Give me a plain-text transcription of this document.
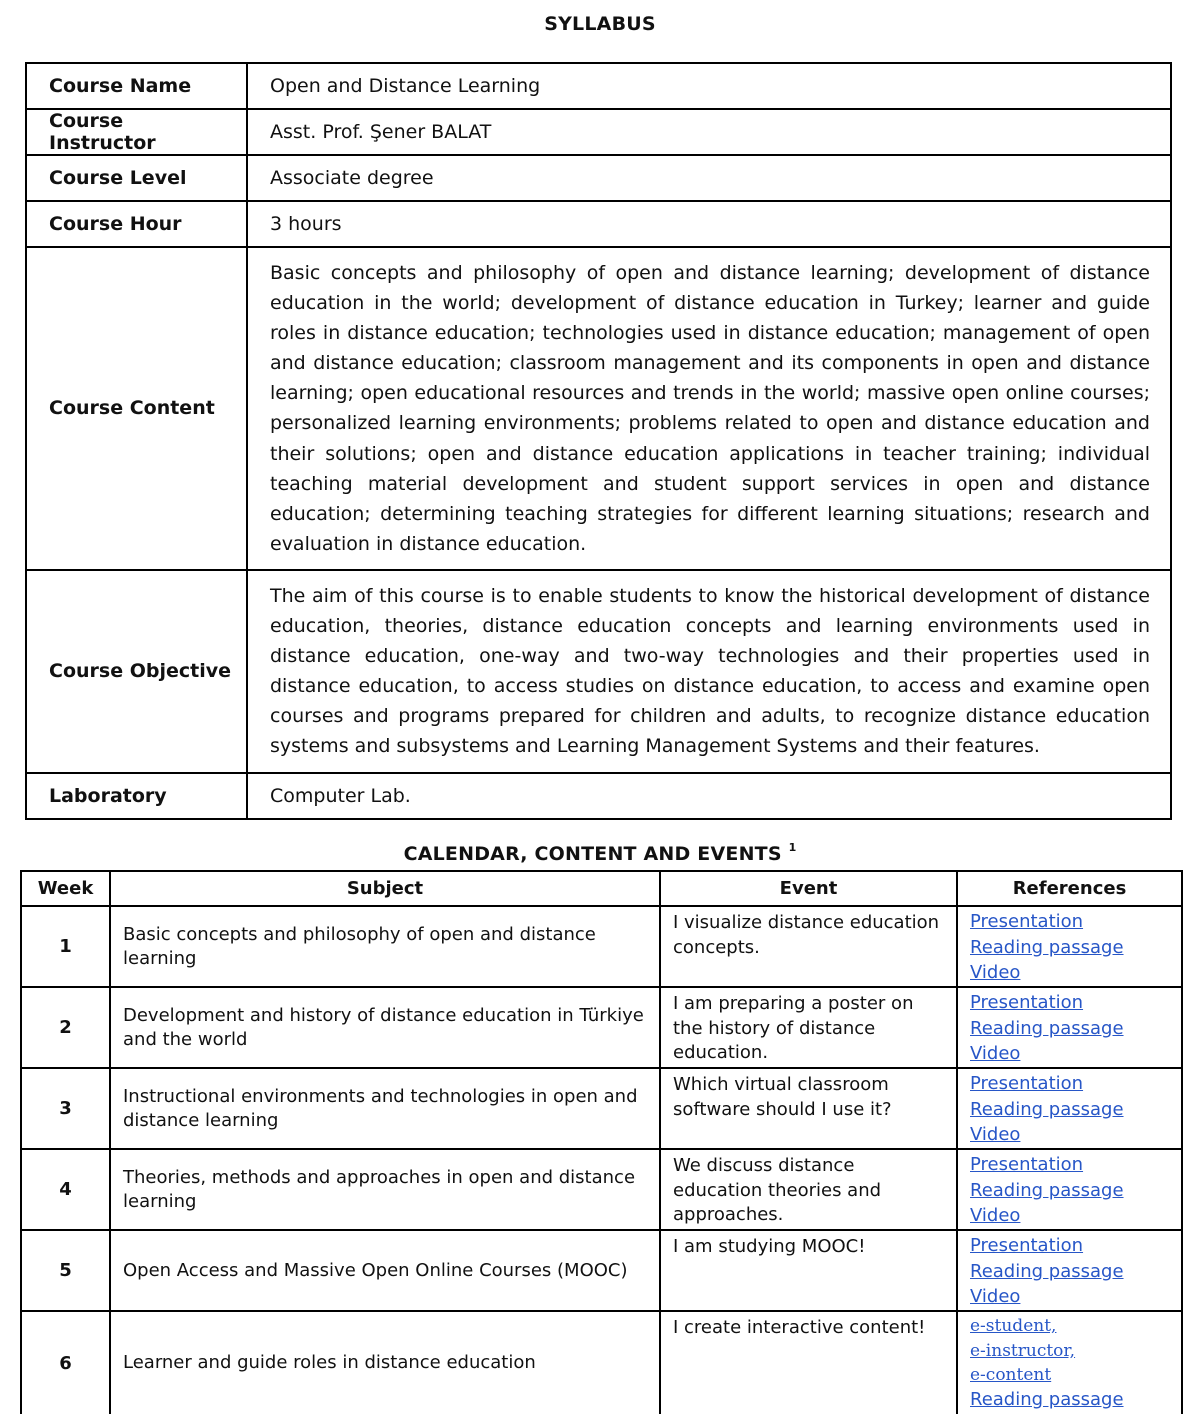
SYLLABUS
Course Name	Open and Distance Learning
Course Instructor	Asst. Prof. Şener BALAT
Course Level	Associate degree
Course Hour	3 hours
Course Content	Basic concepts and philosophy of open and distance learning; development of distance education in the world; development of distance education in Turkey; learner and guide roles in distance education; technologies used in distance education; management of open and distance education; classroom management and its components in open and distance learning; open educational resources and trends in the world; massive open online courses; personalized learning environments; problems related to open and distance education and their solutions; open and distance education applications in teacher training; individual teaching material development and student support services in open and distance education; determining teaching strategies for different learning situations; research and evaluation in distance education.
Course Objective	The aim of this course is to enable students to know the historical development of distance education, theories, distance education concepts and learning environments used in distance education, one-way and two-way technologies and their properties used in distance education, to access studies on distance education, to access and examine open courses and programs prepared for children and adults, to recognize distance education systems and subsystems and Learning Management Systems and their features.
Laboratory	Computer Lab.
CALENDAR, CONTENT AND EVENTS $^1$
Week	Subject	Event	References
1	Basic concepts and philosophy of open and distance learning	I visualize distance education concepts.	Presentation
Reading passage
Video

2	Development and history of distance education in Türkiye and the world	I am preparing a poster on the history of distance education.	Presentation
Reading passage
Video

3	Instructional environments and technologies in open and distance learning	Which virtual classroom software should I use it?	Presentation
Reading passage
Video

4	Theories, methods and approaches in open and distance learning	We discuss distance education theories and approaches.	Presentation
Reading passage
Video

5	Open Access and Massive Open Online Courses (MOOC)	I am studying MOOC!	Presentation
Reading passage
Video

6	Learner and guide roles in distance education	I create interactive content!	e-student,
e-instructor,
e-content
Reading passage
